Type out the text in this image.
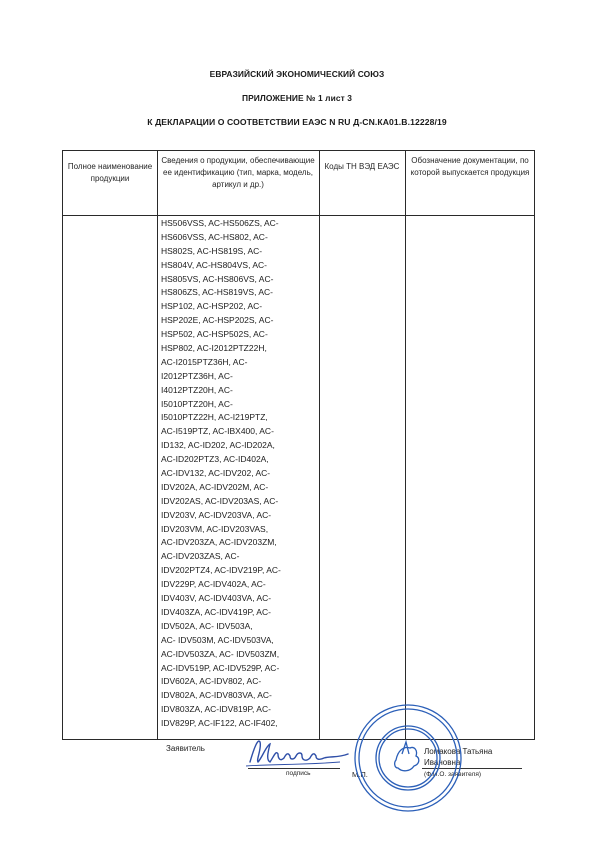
ЕВРАЗИЙСКИЙ ЭКОНОМИЧЕСКИЙ СОЮЗ
ПРИЛОЖЕНИЕ № 1 лист 3
К ДЕКЛАРАЦИИ О СООТВЕТСТВИИ ЕАЭС N RU Д-CN.КА01.В.12228/19
Полное наименование продукции
Сведения о продукции, обеспечивающие ее идентификацию (тип, марка, модель, артикул и др.)
Коды ТН ВЭД ЕАЭС
Обозначение документации, по которой выпускается продукция
HS506VSS, AC-HS506ZS, AC-
HS606VSS, AC-HS802, AC-
HS802S, AC-HS819S, AC-
HS804V, AC-HS804VS, AC-
HS805VS, AC-HS806VS, AC-
HS806ZS, AC-HS819VS, AC-
HSP102, AC-HSP202, AC-
HSP202E, AC-HSP202S, AC-
HSP502, AC-HSP502S, AC-
HSP802, AC-I2012PTZ22H,
AC-I2015PTZ36H, AC-
I2012PTZ36H, AC-
I4012PTZ20H, AC-
I5010PTZ20H, AC-
I5010PTZ22H, AC-I219PTZ,
AC-I519PTZ, AC-IBX400, AC-
ID132, AC-ID202, AC-ID202A,
AC-ID202PTZ3, AC-ID402A,
AC-IDV132, AC-IDV202, AC-
IDV202A, AC-IDV202M, AC-
IDV202AS, AC-IDV203AS, AC-
IDV203V, AC-IDV203VA, AC-
IDV203VM, AC-IDV203VAS,
AC-IDV203ZA, AC-IDV203ZM,
AC-IDV203ZAS, AC-
IDV202PTZ4, AC-IDV219P, AC-
IDV229P, AC-IDV402A, AC-
IDV403V, AC-IDV403VA, AC-
IDV403ZA, AC-IDV419P, AC-
IDV502A, AC- IDV503A,
AC- IDV503M, AC-IDV503VA,
AC-IDV503ZA, AC- IDV503ZM,
AC-IDV519P, AC-IDV529P, AC-
IDV602A, AC-IDV802, AC-
IDV802A, AC-IDV803VA, AC-
IDV803ZA, AC-IDV819P, AC-
IDV829P, AC-IF122, AC-IF402,
Заявитель
подпись	М.П.
Ломакова Татьяна
Ивановна
(Ф.И.О. заявителя)
